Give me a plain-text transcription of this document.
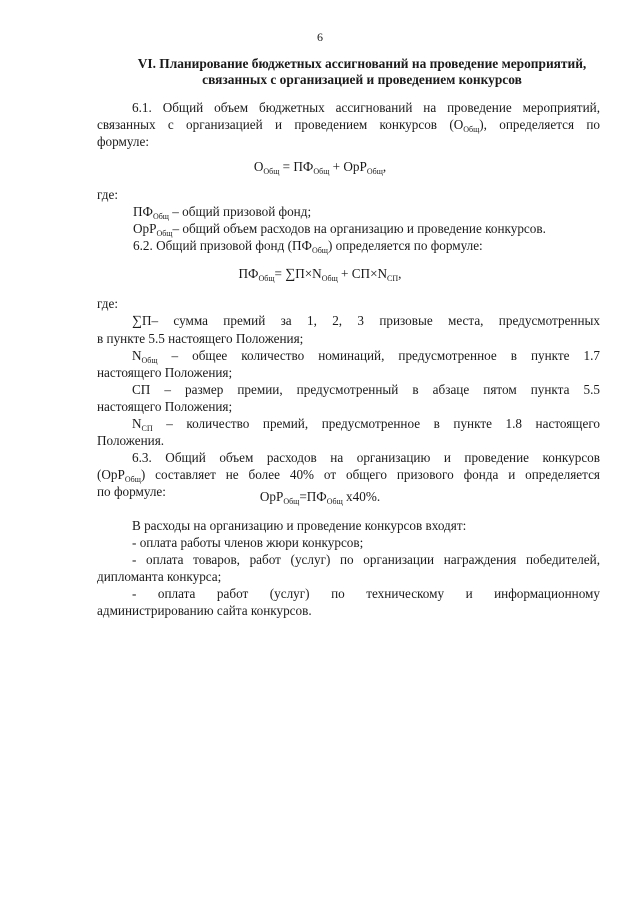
6
VI. Планирование бюджетных ассигнований на проведение мероприятий,
связанных с организацией и проведением конкурсов
6.1. Общий объем бюджетных ассигнований на проведение мероприятий,
связанных с организацией и проведением конкурсов $(О_{Общ})$, определяется по
формуле:
$О_{Общ} = ПФ_{Общ} + ОрР_{Общ}$,
где:
$ПФ_{Общ}$ – общий призовой фонд;
ОрР$_{Общ}$– общий объем расходов на организацию и проведение конкурсов.
6.2. Общий призовой фонд $(ПФ_{Общ})$ определяется по формуле:
$ПФ_{Общ}= \sum П\times N_{Общ} + СП\times N_{СП}$,
где:
∑П– сумма премий за 1, 2, 3 призовые места, предусмотренных
в пункте 5.5 настоящего Положения;
$N_{Общ}$ – общее количество номинаций, предусмотренное в пункте 1.7
настоящего Положения;
СП – размер премии, предусмотренный в абзаце пятом пункта 5.5
настоящего Положения;
$N_{СП}$ – количество премий, предусмотренное в пункте 1.8 настоящего
Положения.
6.3. Общий объем расходов на организацию и проведение конкурсов
(ОрР$_{Общ}$) составляет не более 40% от общего призового фонда и определяется
по формуле:	$ОрР_{Общ}=ПФ_{Общ}$ х40%.
В расходы на организацию и проведение конкурсов входят:
- оплата работы членов жюри конкурсов;
- оплата товаров, работ (услуг) по организации награждения победителей,
дипломанта конкурса;
- оплата работ (услуг) по техническому и информационному
администрированию сайта конкурсов.
